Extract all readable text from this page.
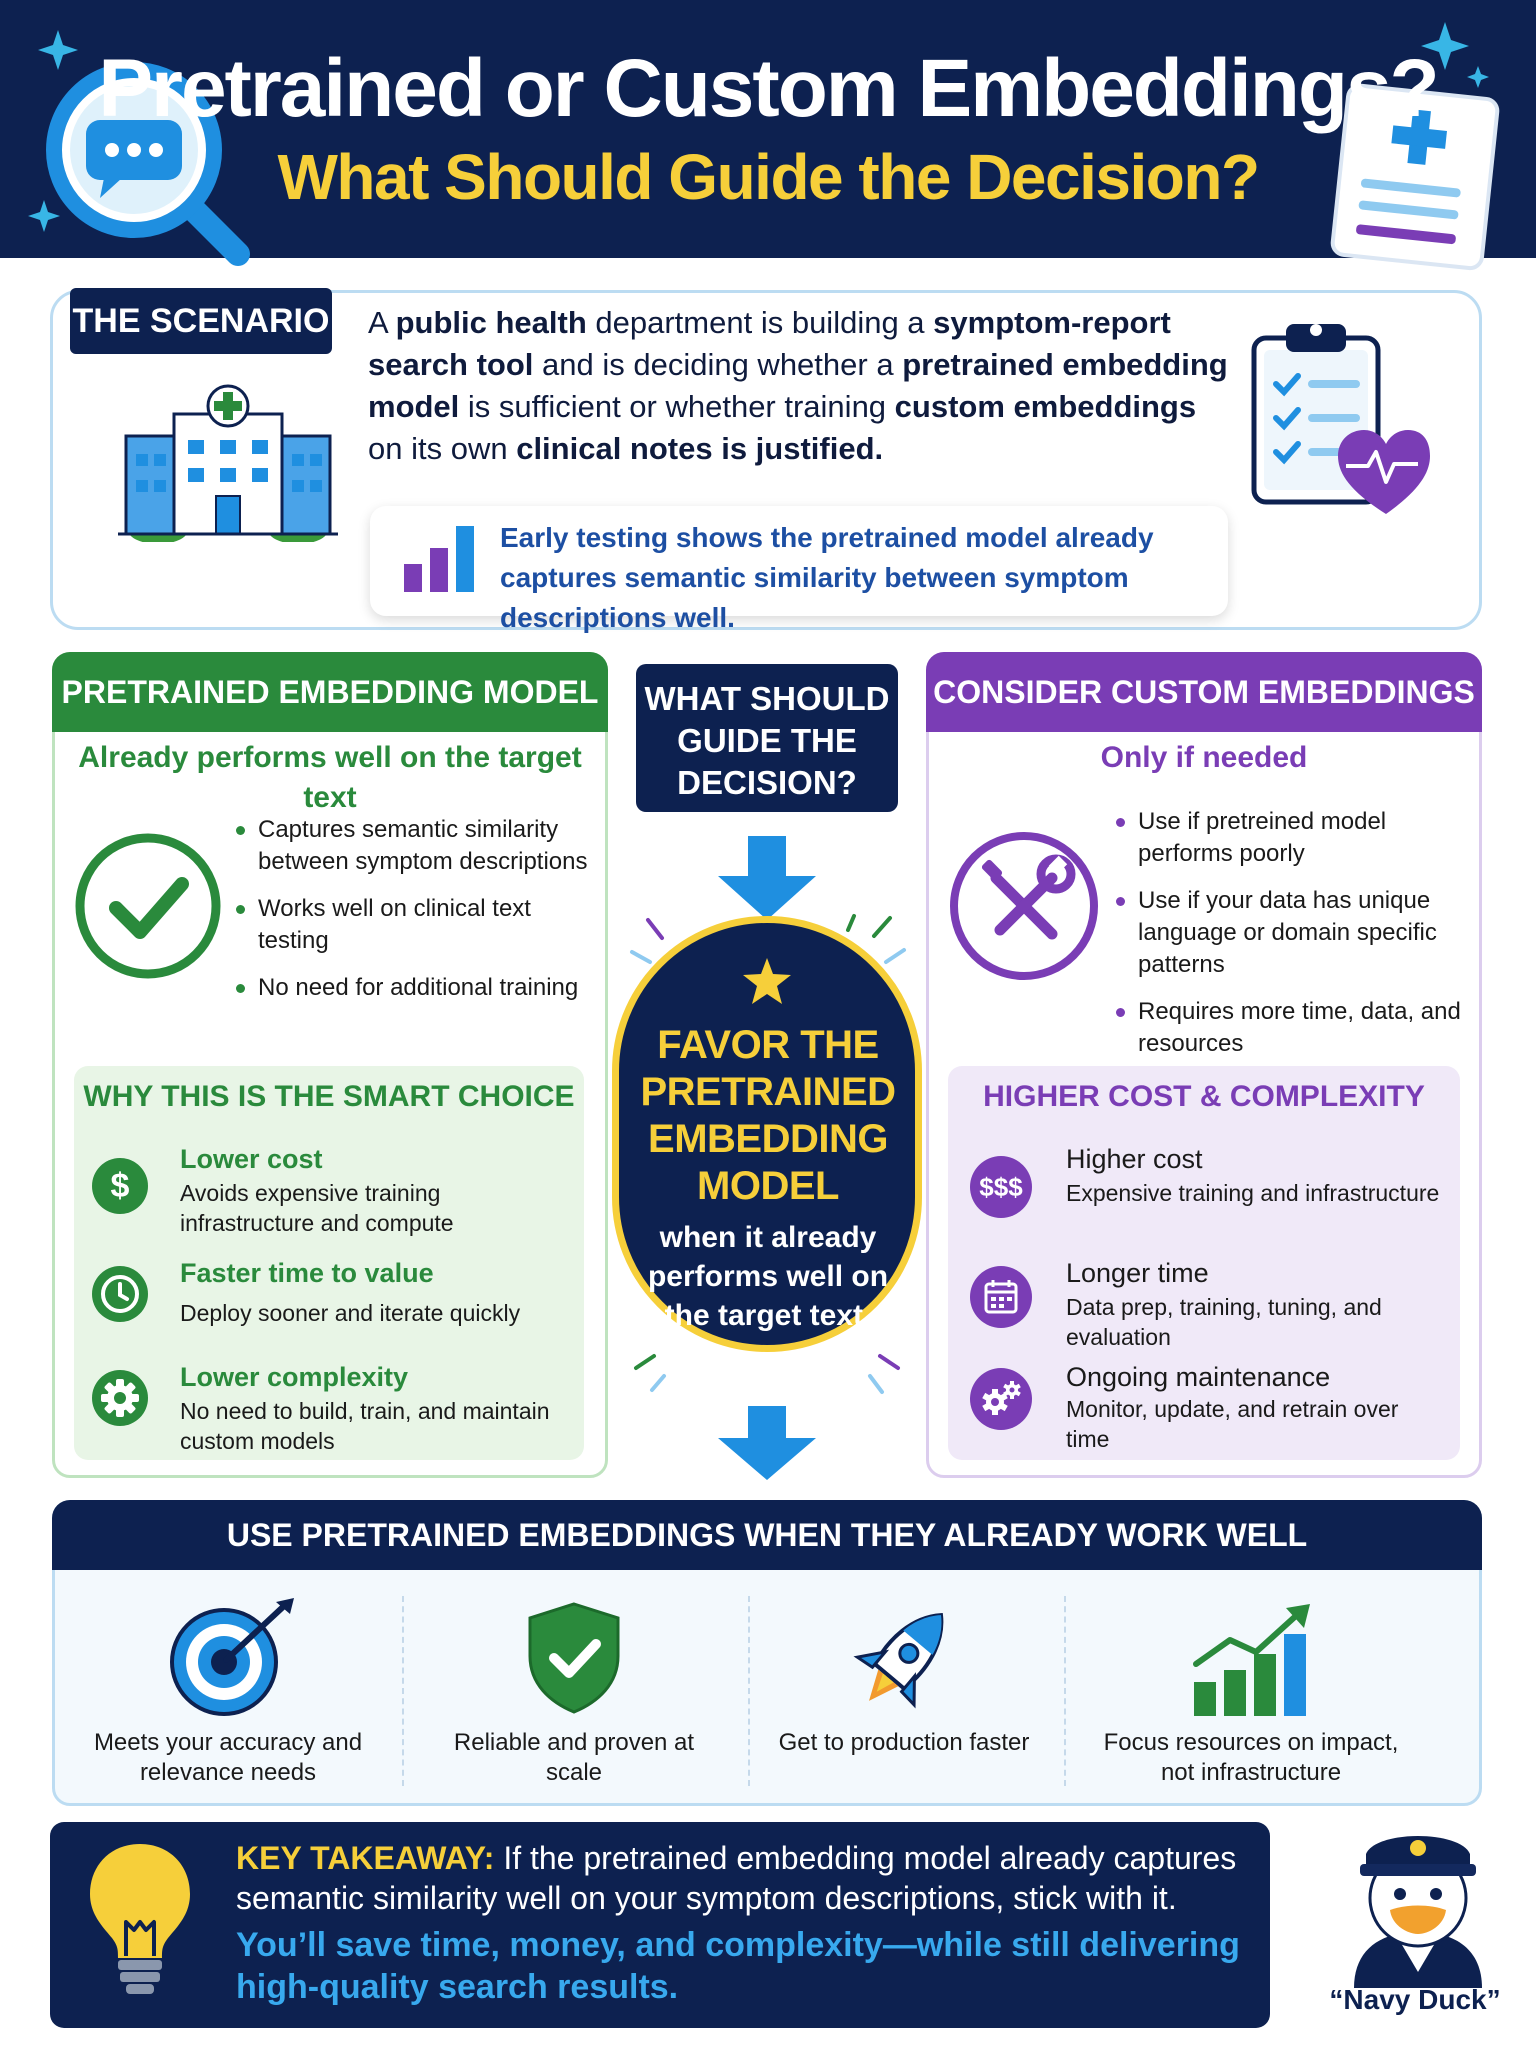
Pretrained or Custom Embeddings?
What Should Guide the Decision?
THE SCENARIO A public health department is building a symptom-report search tool and is deciding whether a pretrained embedding model is sufficient or whether training custom embeddings on its own clinical notes is justified.
Early testing shows the pretrained model already captures semantic similarity between symptom descriptions well.
PRETRAINED EMBEDDING MODEL
Already performs well on the target text
Captures semantic similarity between symptom descriptions
Works well on clinical text testing
No need for additional training
WHY THIS IS THE SMART CHOICE
$
Lower cost
Avoids expensive training infrastructure and compute
Faster time to value
Deploy sooner and iterate quickly
Lower complexity
No need to build, train, and maintain custom models
WHAT SHOULD GUIDE THE DECISION?
FAVOR THE PRETRAINED EMBEDDING MODEL
when it already performs well on the target text.
CONSIDER CUSTOM EMBEDDINGS
Only if needed
Use if pretreined model performs poorly
Use if your data has unique language or domain specific patterns
Requires more time, data, and resources
HIGHER COST & COMPLEXITY
$$$
Higher cost
Expensive training and infrastructure
Longer time
Data prep, training, tuning, and evaluation
Ongoing maintenance
Monitor, update, and retrain over time
USE PRETRAINED EMBEDDINGS WHEN THEY ALREADY WORK WELL
Meets your accuracy and relevance needs
Reliable and proven at scale
Get to production faster	Focus resources on impact, not infrastructure
KEY TAKEAWAY: If the pretrained embedding model already captures semantic similarity well on your symptom descriptions, stick with it.
You’ll save time, money, and complexity—while still delivering high-quality search results.	“Navy Duck”
